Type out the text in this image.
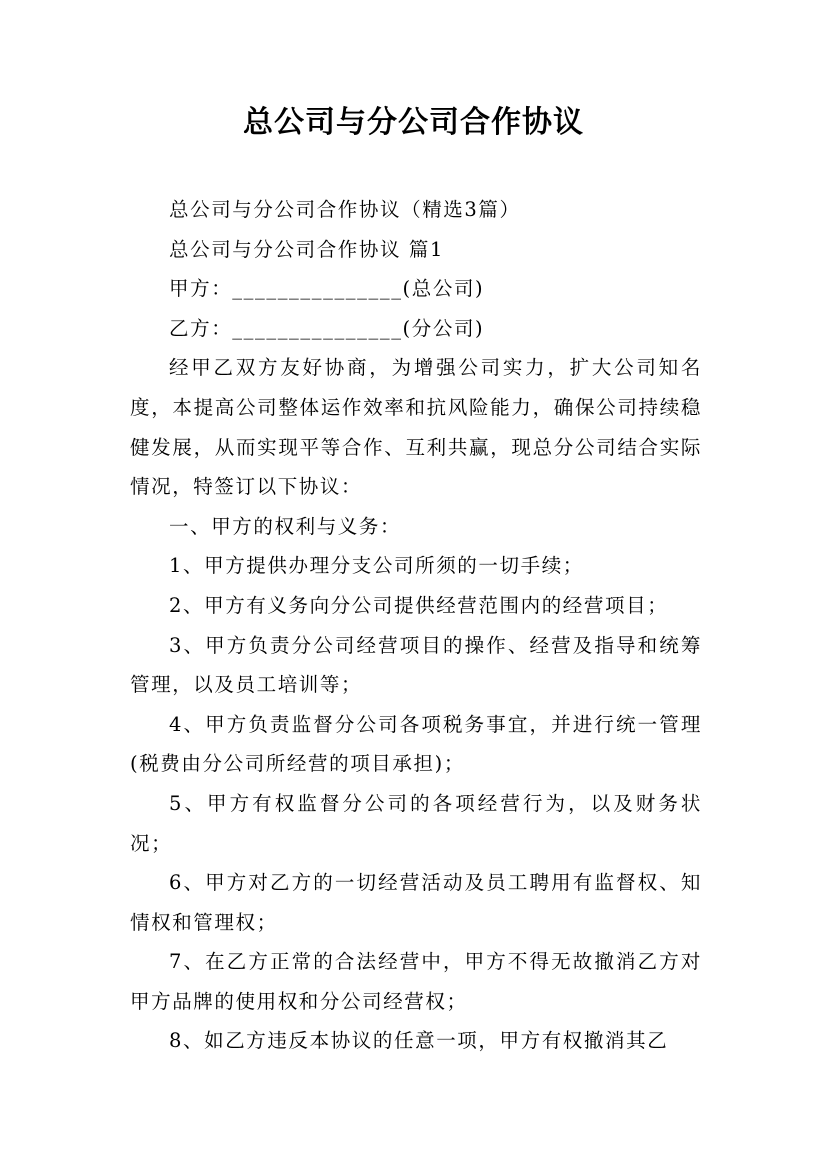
总公司与分公司合作协议

总公司与分公司合作协议（精选3篇）

总公司与分公司合作协议 篇1

甲方：_______________(总公司)

乙方：_______________(分公司)

经甲乙双方友好协商，为增强公司实力，扩大公司知名度，本提高公司整体运作效率和抗风险能力，确保公司持续稳健发展，从而实现平等合作、互利共赢，现总分公司结合实际情况，特签订以下协议：

一、甲方的权利与义务：

1、甲方提供办理分支公司所须的一切手续；

2、甲方有义务向分公司提供经营范围内的经营项目；

3、甲方负责分公司经营项目的操作、经营及指导和统筹管理，以及员工培训等；

4、甲方负责监督分公司各项税务事宜，并进行统一管理(税费由分公司所经营的项目承担)；

5、甲方有权监督分公司的各项经营行为，以及财务状况；

6、甲方对乙方的一切经营活动及员工聘用有监督权、知情权和管理权；

7、在乙方正常的合法经营中，甲方不得无故撤消乙方对甲方品牌的使用权和分公司经营权；

8、如乙方违反本协议的任意一项，甲方有权撤消其乙
